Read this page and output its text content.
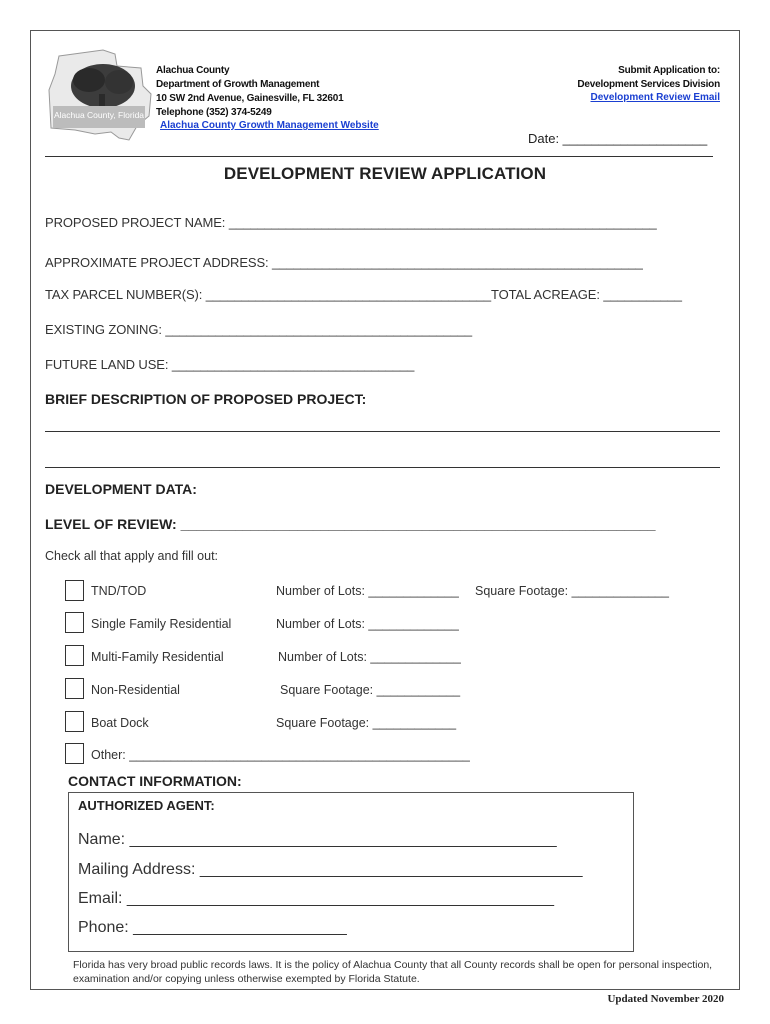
Alachua County, Florida
Alachua County
Department of Growth Management
10 SW 2nd Avenue, Gainesville, FL 32601
Telephone (352) 374-5249
Alachua County Growth Management Website
Submit Application to:
Development Services Division
Development Review Email
Date: ____________________
DEVELOPMENT REVIEW APPLICATION
PROPOSED PROJECT NAME: ____________________________________________________________
APPROXIMATE PROJECT ADDRESS: ____________________________________________________
TAX PARCEL NUMBER(S): ________________________________________TOTAL ACREAGE: ___________
EXISTING ZONING: ___________________________________________
FUTURE LAND USE: __________________________________
BRIEF DESCRIPTION OF PROPOSED PROJECT:
DEVELOPMENT DATA:
LEVEL OF REVIEW: _____________________________________________________________
Check all that apply and fill out:
TND/TOD	Number of Lots: _____________ Square Footage: ______________
Single Family Residential	Number of Lots: _____________
Multi-Family Residential	Number of Lots: _____________
Non-Residential	Square Footage: ____________
Boat Dock	Square Footage: ____________
Other: _________________________________________________
CONTACT INFORMATION:
AUTHORIZED AGENT:
Name: ________________________________________________
Mailing Address: ___________________________________________
Email: ________________________________________________
Phone: ________________________
Florida has very broad public records laws. It is the policy of Alachua County that all County records shall be open for personal inspection, examination and/or copying unless otherwise exempted by Florida Statute.
Updated November 2020
